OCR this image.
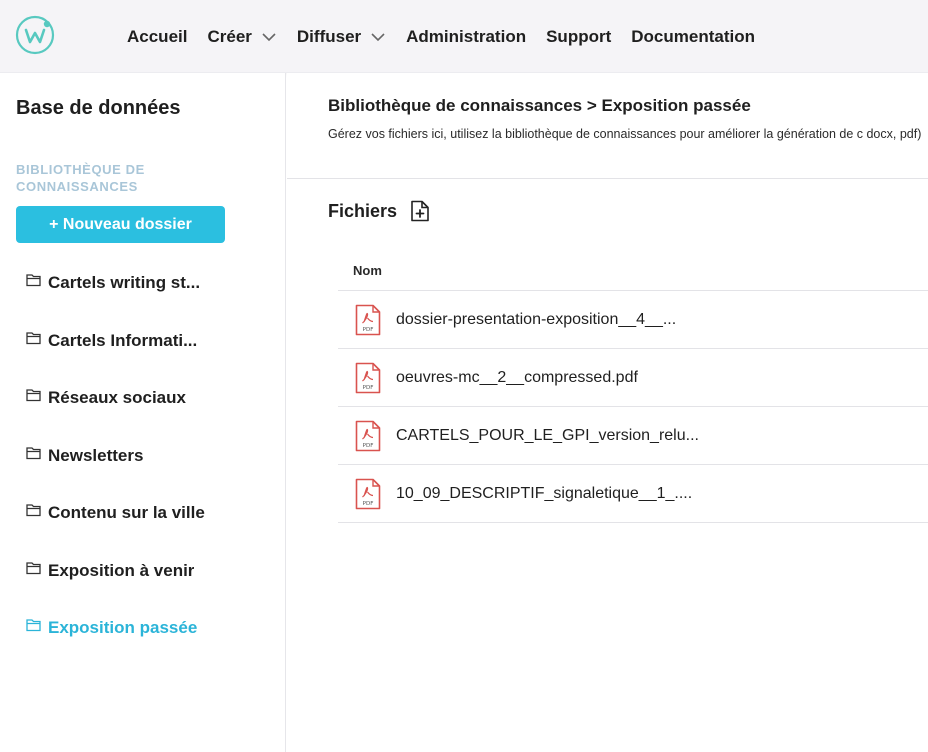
Accueil Créer	Diffuser	Administration Support Documentation
Base de données
BIBLIOTHÈQUE DE CONNAISSANCES
+ Nouveau dossier
Cartels writing st...
Cartels Informati...
Réseaux sociaux
Newsletters
Contenu sur la ville
Exposition à venir
Exposition passée
Bibliothèque de connaissances > Exposition passée
Gérez vos fichiers ici, utilisez la bibliothèque de connaissances pour améliorer la génération de c docx, pdf)
Fichiers
Nom
PDF
dossier-presentation-exposition__4__...
PDF
oeuvres-mc__2__compressed.pdf
PDF
CARTELS_POUR_LE_GPI_version_relu...
PDF
10_09_DESCRIPTIF_signaletique__1_....
